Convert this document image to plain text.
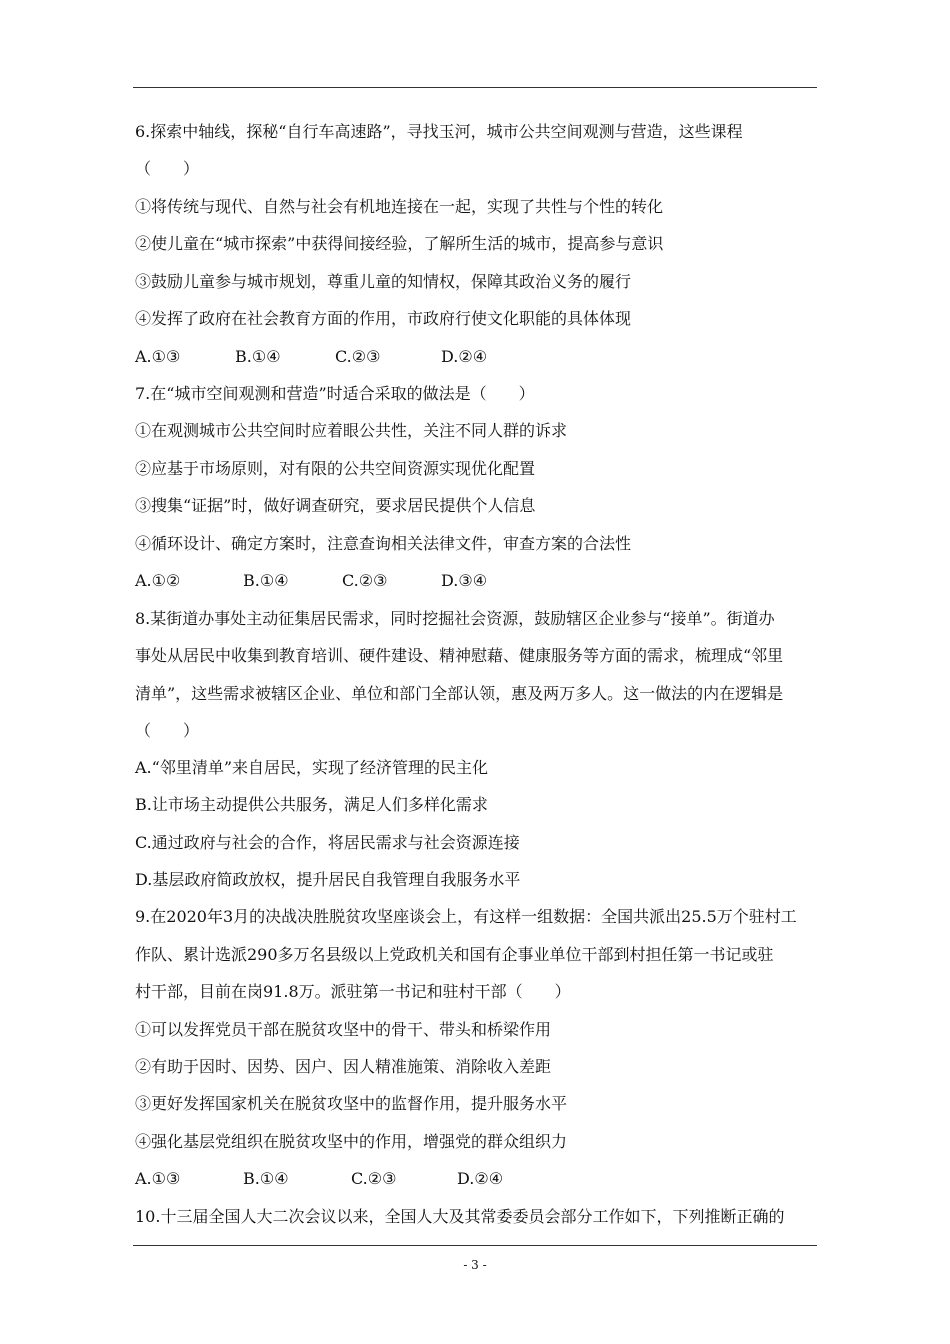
6.探索中轴线，探秘“自行车高速路”，寻找玉河，城市公共空间观测与营造，这些课程
（　　）
①将传统与现代、自然与社会有机地连接在一起，实现了共性与个性的转化
②使儿童在“城市探索”中获得间接经验，了解所生活的城市，提高参与意识
③鼓励儿童参与城市规划，尊重儿童的知情权，保障其政治义务的履行
④发挥了政府在社会教育方面的作用，市政府行使文化职能的具体体现
A.①③	B.①④	C.②③	D.②④
7.在“城市空间观测和营造”时适合采取的做法是（　　）
①在观测城市公共空间时应着眼公共性，关注不同人群的诉求
②应基于市场原则，对有限的公共空间资源实现优化配置
③搜集“证据”时，做好调查研究，要求居民提供个人信息
④循环设计、确定方案时，注意查询相关法律文件，审查方案的合法性
A.①②	B.①④	C.②③	D.③④
8.某街道办事处主动征集居民需求，同时挖掘社会资源，鼓励辖区企业参与“接单”。街道办
事处从居民中收集到教育培训、硬件建设、精神慰藉、健康服务等方面的需求，梳理成“邻里
清单”，这些需求被辖区企业、单位和部门全部认领，惠及两万多人。这一做法的内在逻辑是
（　　）
A.“邻里清单”来自居民，实现了经济管理的民主化
B.让市场主动提供公共服务，满足人们多样化需求
C.通过政府与社会的合作，将居民需求与社会资源连接
D.基层政府简政放权，提升居民自我管理自我服务水平
9.在2020年3月的决战决胜脱贫攻坚座谈会上，有这样一组数据：全国共派出25.5万个驻村工
作队、累计选派290多万名县级以上党政机关和国有企事业单位干部到村担任第一书记或驻
村干部，目前在岗91.8万。派驻第一书记和驻村干部（　　）
①可以发挥党员干部在脱贫攻坚中的骨干、带头和桥梁作用
②有助于因时、因势、因户、因人精准施策、消除收入差距
③更好发挥国家机关在脱贫攻坚中的监督作用，提升服务水平
④强化基层党组织在脱贫攻坚中的作用，增强党的群众组织力
A.①③	B.①④	C.②③	D.②④
10.十三届全国人大二次会议以来，全国人大及其常委委员会部分工作如下，下列推断正确的
- 3 -
